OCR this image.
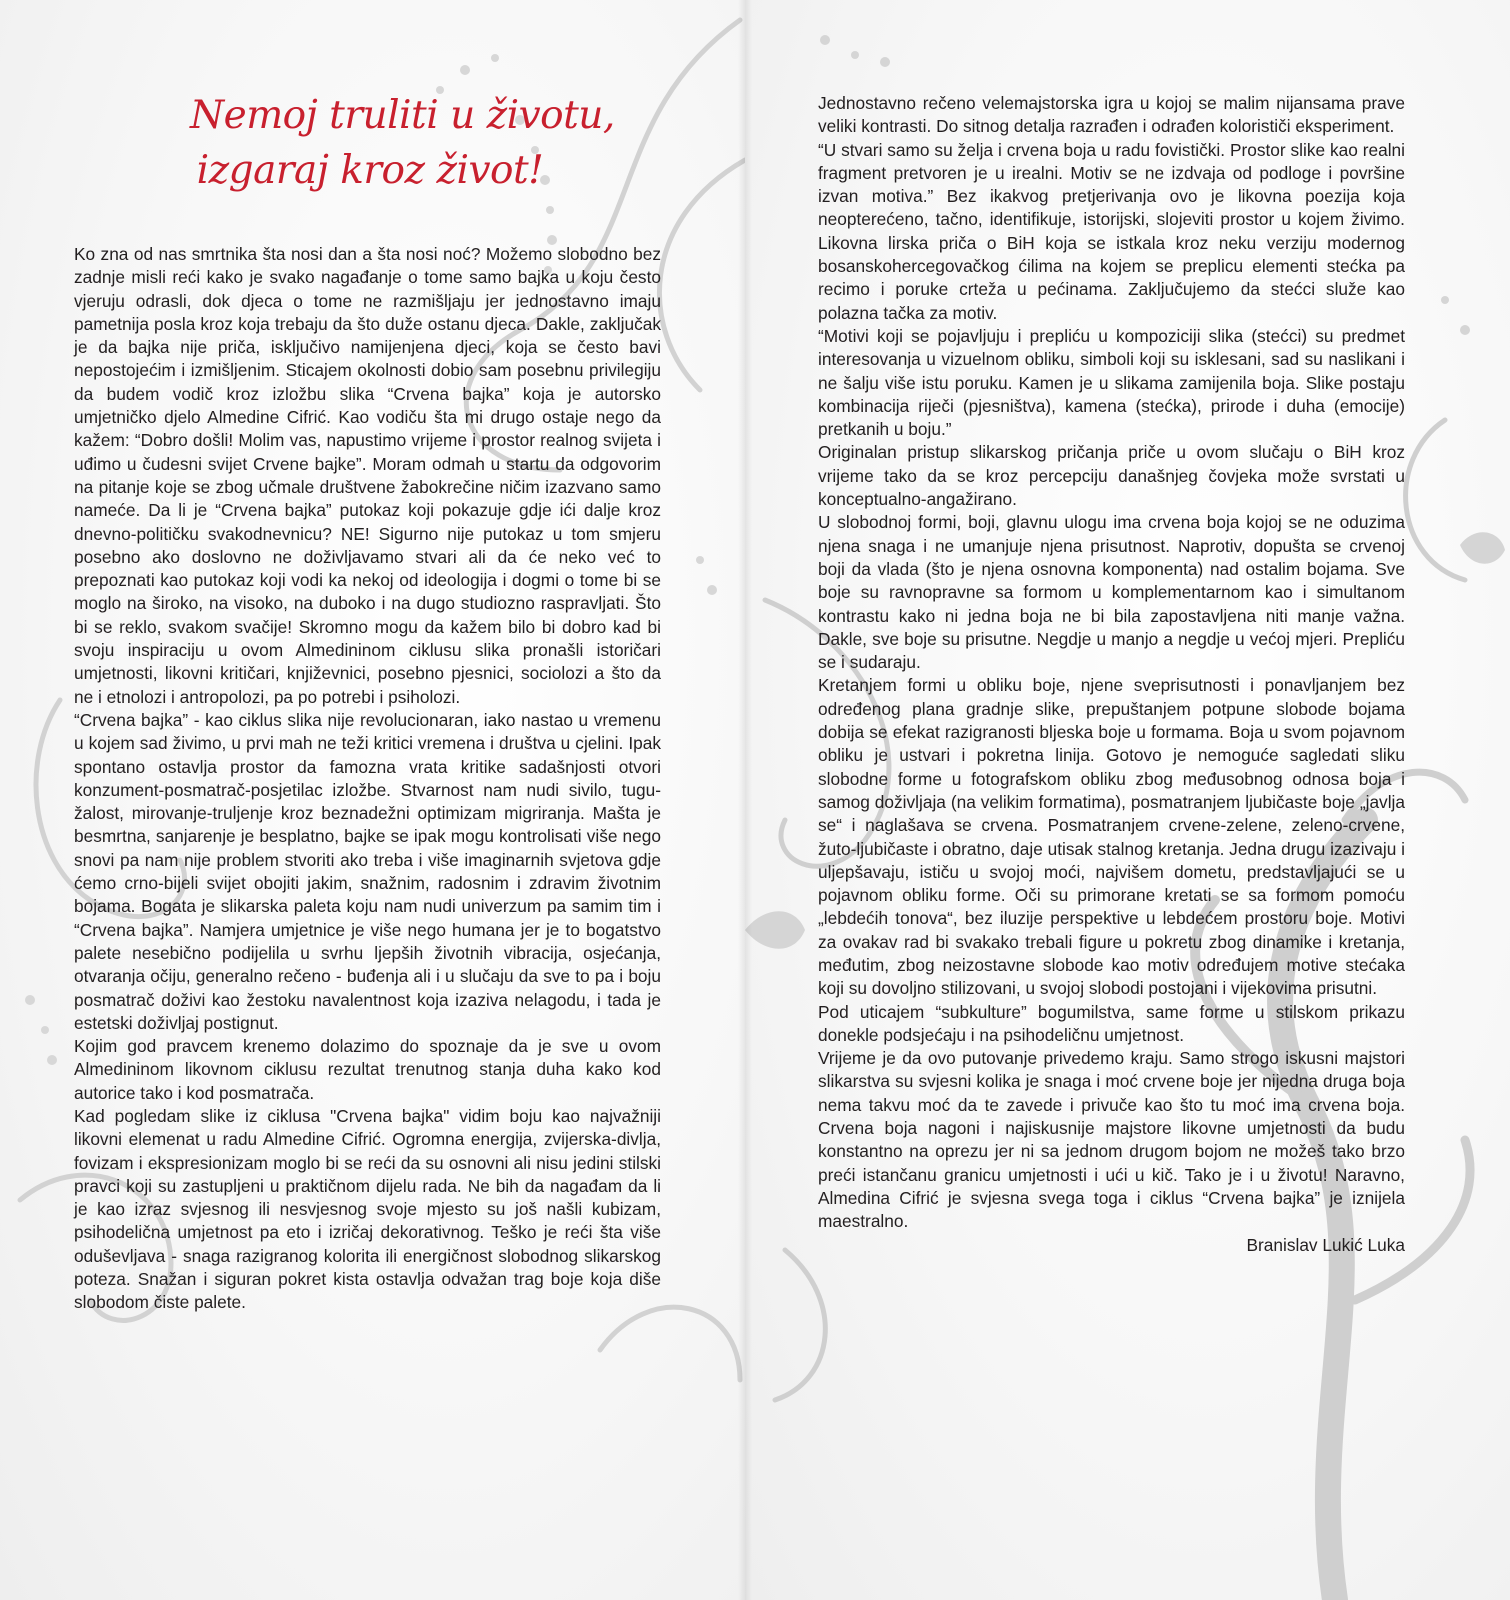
Nemoj truliti u životu,
izgaraj kroz život!

Ko zna od nas smrtnika šta nosi dan a šta nosi noć? Možemo slobodno bez zadnje misli reći kako je svako nagađanje o tome samo bajka u koju često vjeruju odrasli, dok djeca o tome ne razmišljaju jer jednostavno imaju pametnija posla kroz koja trebaju da što duže ostanu djeca. Dakle, zaključak je da bajka nije priča, isključivo namijenjena djeci, koja se često bavi nepostojećim i izmišljenim. Sticajem okolnosti dobio sam posebnu privilegiju da budem vodič kroz izložbu slika “Crvena bajka” koja je autorsko umjetničko djelo Almedine Cifrić. Kao vodiču šta mi drugo ostaje nego da kažem: “Dobro došli! Molim vas, napustimo vrijeme i prostor realnog svijeta i uđimo u čudesni svijet Crvene bajke”. Moram odmah u startu da odgovorim na pitanje koje se zbog učmale društvene žabokrečine ničim izazvano samo nameće. Da li je “Crvena bajka” putokaz koji pokazuje gdje ići dalje kroz dnevno-političku svakodnevnicu? NE! Sigurno nije putokaz u tom smjeru posebno ako doslovno ne doživljavamo stvari ali da će neko već to prepoznati kao putokaz koji vodi ka nekoj od ideologija i dogmi o tome bi se moglo na široko, na visoko, na duboko i na dugo studiozno raspravljati. Što bi se reklo, svakom svačije! Skromno mogu da kažem bilo bi dobro kad bi svoju inspiraciju u ovom Almedininom ciklusu slika pronašli istoričari umjetnosti, likovni kritičari, književnici, posebno pjesnici, sociolozi a što da ne i etnolozi i antropolozi, pa po potrebi i psiholozi.

“Crvena bajka” - kao ciklus slika nije revolucionaran, iako nastao u vremenu u kojem sad živimo, u prvi mah ne teži kritici vremena i društva u cjelini. Ipak spontano ostavlja prostor da famozna vrata kritike sadašnjosti otvori konzument-posmatrač-posjetilac izložbe. Stvarnost nam nudi sivilo, tugu-žalost, mirovanje-truljenje kroz beznadežni optimizam migriranja. Mašta je besmrtna, sanjarenje je besplatno, bajke se ipak mogu kontrolisati više nego snovi pa nam nije problem stvoriti ako treba i više imaginarnih svjetova gdje ćemo crno-bijeli svijet obojiti jakim, snažnim, radosnim i zdravim životnim bojama. Bogata je slikarska paleta koju nam nudi univerzum pa samim tim i “Crvena bajka”. Namjera umjetnice je više nego humana jer je to bogatstvo palete nesebično podijelila u svrhu ljepših životnih vibracija, osjećanja, otvaranja očiju, generalno rečeno - buđenja ali i u slučaju da sve to pa i boju posmatrač doživi kao žestoku navalentnost koja izaziva nelagodu, i tada je estetski doživljaj postignut.

Kojim god pravcem krenemo dolazimo do spoznaje da je sve u ovom Almedininom likovnom ciklusu rezultat trenutnog stanja duha kako kod autorice tako i kod posmatrača.

Kad pogledam slike iz ciklusa "Crvena bajka" vidim boju kao najvažniji likovni elemenat u radu Almedine Cifrić. Ogromna energija, zvijerska-divlja, fovizam i ekspresionizam moglo bi se reći da su osnovni ali nisu jedini stilski pravci koji su zastupljeni u praktičnom dijelu rada. Ne bih da nagađam da li je kao izraz svjesnog ili nesvjesnog svoje mjesto su još našli kubizam, psihodelična umjetnost pa eto i izričaj dekorativnog. Teško je reći šta više oduševljava - snaga razigranog kolorita ili energičnost slobodnog slikarskog poteza. Snažan i siguran pokret kista ostavlja odvažan trag boje koja diše slobodom čiste palete.

Jednostavno rečeno velemajstorska igra u kojoj se malim nijansama prave veliki kontrasti. Do sitnog detalja razrađen i odrađen kolorističi eksperiment.

“U stvari samo su želja i crvena boja u radu fovistički. Prostor slike kao realni fragment pretvoren je u irealni. Motiv se ne izdvaja od podloge i površine izvan motiva.” Bez ikakvog pretjerivanja ovo je likovna poezija koja neopterećeno, tačno, identifikuje, istorijski, slojeviti prostor u kojem živimo. Likovna lirska priča o BiH koja se istkala kroz neku verziju modernog bosanskohercegovačkog ćilima na kojem se preplicu elementi stećka pa recimo i poruke crteža u pećinama. Zaključujemo da stećci služe kao polazna tačka za motiv.

“Motivi koji se pojavljuju i prepliću u kompoziciji slika (stećci) su predmet interesovanja u vizuelnom obliku, simboli koji su isklesani, sad su naslikani i ne šalju više istu poruku. Kamen je u slikama zamijenila boja. Slike postaju kombinacija riječi (pjesništva), kamena (stećka), prirode i duha (emocije) pretkanih u boju.”

Originalan pristup slikarskog pričanja priče u ovom slučaju o BiH kroz vrijeme tako da se kroz percepciju današnjeg čovjeka može svrstati u konceptualno-angažirano.

U slobodnoj formi, boji, glavnu ulogu ima crvena boja kojoj se ne oduzima njena snaga i ne umanjuje njena prisutnost. Naprotiv, dopušta se crvenoj boji da vlada (što je njena osnovna komponenta) nad ostalim bojama. Sve boje su ravnopravne sa formom u komplementarnom kao i simultanom kontrastu kako ni jedna boja ne bi bila zapostavljena niti manje važna. Dakle, sve boje su prisutne. Negdje u manjo a negdje u većoj mjeri. Prepliću se i sudaraju.

Kretanjem formi u obliku boje, njene sveprisutnosti i ponavljanjem bez određenog plana gradnje slike, prepuštanjem potpune slobode bojama dobija se efekat razigranosti bljeska boje u formama. Boja u svom pojavnom obliku je ustvari i pokretna linija. Gotovo je nemoguće sagledati sliku slobodne forme u fotografskom obliku zbog međusobnog odnosa boja i samog doživljaja (na velikim formatima), posmatranjem ljubičaste boje „javlja se“ i naglašava se crvena. Posmatranjem crvene-zelene, zeleno-crvene, žuto-ljubičaste i obratno, daje utisak stalnog kretanja. Jedna drugu izazivaju i uljepšavaju, ističu u svojoj moći, najvišem dometu, predstavljajući se u pojavnom obliku forme. Oči su primorane kretati se sa formom pomoću „lebdećih tonova“, bez iluzije perspektive u lebdećem prostoru boje. Motivi za ovakav rad bi svakako trebali figure u pokretu zbog dinamike i kretanja, međutim, zbog neizostavne slobode kao motiv određujem motive stećaka koji su dovoljno stilizovani, u svojoj slobodi postojani i vijekovima prisutni.

Pod uticajem “subkulture” bogumilstva, same forme u stilskom prikazu donekle podsjećaju i na psihodeličnu umjetnost.

Vrijeme je da ovo putovanje privedemo kraju. Samo strogo iskusni majstori slikarstva su svjesni kolika je snaga i moć crvene boje jer nijedna druga boja nema takvu moć da te zavede i privuče kao što tu moć ima crvena boja. Crvena boja nagoni i najiskusnije majstore likovne umjetnosti da budu konstantno na oprezu jer ni sa jednom drugom bojom ne možeš tako brzo preći istančanu granicu umjetnosti i ući u kič. Tako je i u životu! Naravno, Almedina Cifrić je svjesna svega toga i ciklus “Crvena bajka” je iznijela maestralno.

Branislav Lukić Luka
